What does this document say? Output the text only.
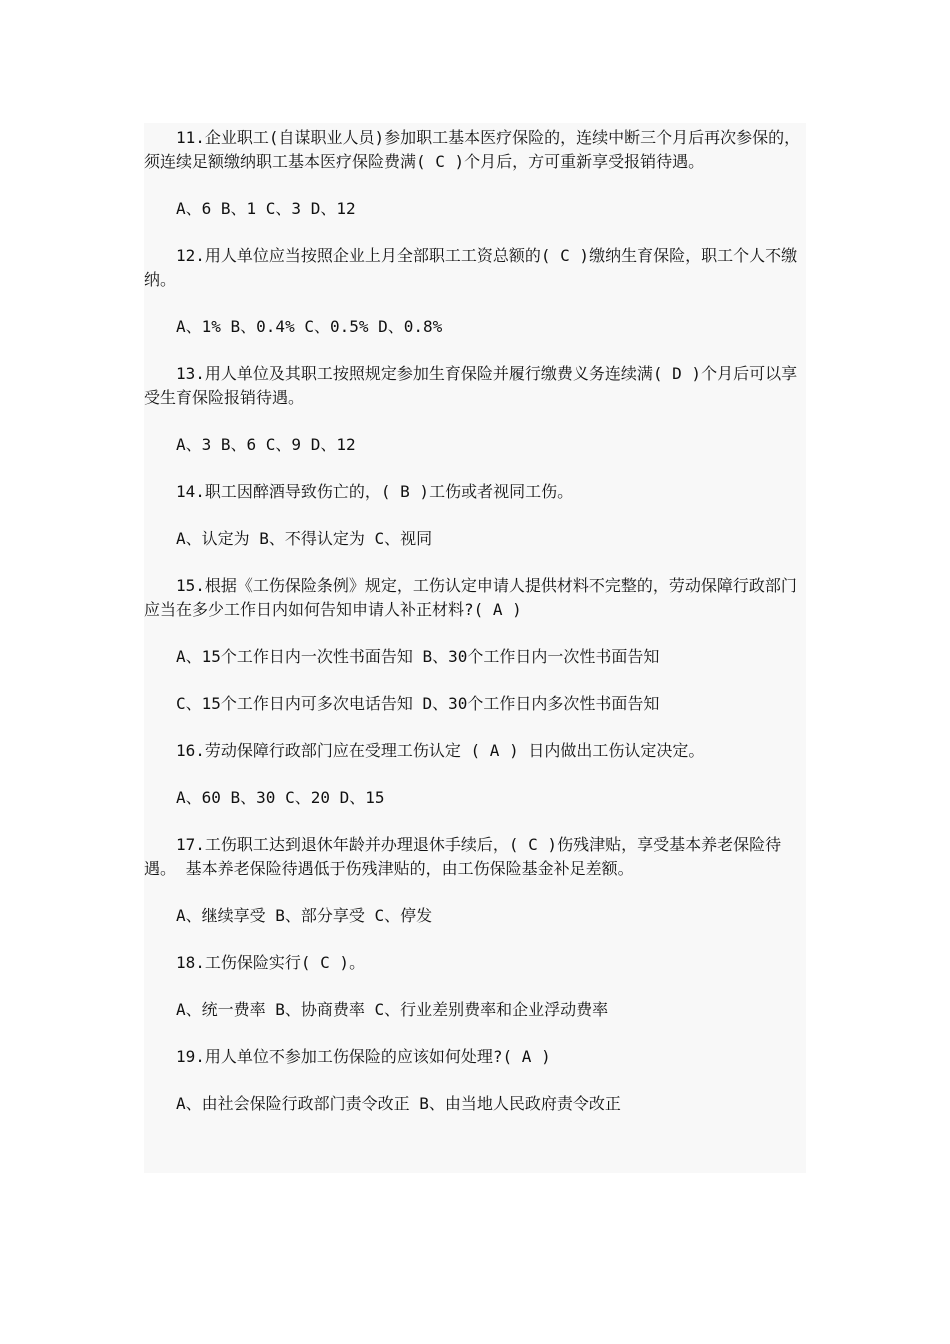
11.企业职工(自谋职业人员)参加职工基本医疗保险的，连续中断三个月后再次参保的，须连续足额缴纳职工基本医疗保险费满( C )个月后，方可重新享受报销待遇。

A、6 B、1 C、3 D、12

12.用人单位应当按照企业上月全部职工工资总额的( C )缴纳生育保险，职工个人不缴纳。

A、1% B、0.4% C、0.5% D、0.8%

13.用人单位及其职工按照规定参加生育保险并履行缴费义务连续满( D )个月后可以享受生育保险报销待遇。

A、3 B、6 C、9 D、12

14.职工因醉酒导致伤亡的，( B )工伤或者视同工伤。

A、认定为 B、不得认定为 C、视同

15.根据《工伤保险条例》规定，工伤认定申请人提供材料不完整的，劳动保障行政部门应当在多少工作日内如何告知申请人补正材料?( A )

A、15个工作日内一次性书面告知 B、30个工作日内一次性书面告知

C、15个工作日内可多次电话告知 D、30个工作日内多次性书面告知

16.劳动保障行政部门应在受理工伤认定 ( A ) 日内做出工伤认定决定。

A、60 B、30 C、20 D、15

17.工伤职工达到退休年龄并办理退休手续后，( C )伤残津贴，享受基本养老保险待遇。 基本养老保险待遇低于伤残津贴的，由工伤保险基金补足差额。

A、继续享受 B、部分享受 C、停发

18.工伤保险实行( C )。

A、统一费率 B、协商费率 C、行业差别费率和企业浮动费率

19.用人单位不参加工伤保险的应该如何处理?( A )

A、由社会保险行政部门责令改正 B、由当地人民政府责令改正
